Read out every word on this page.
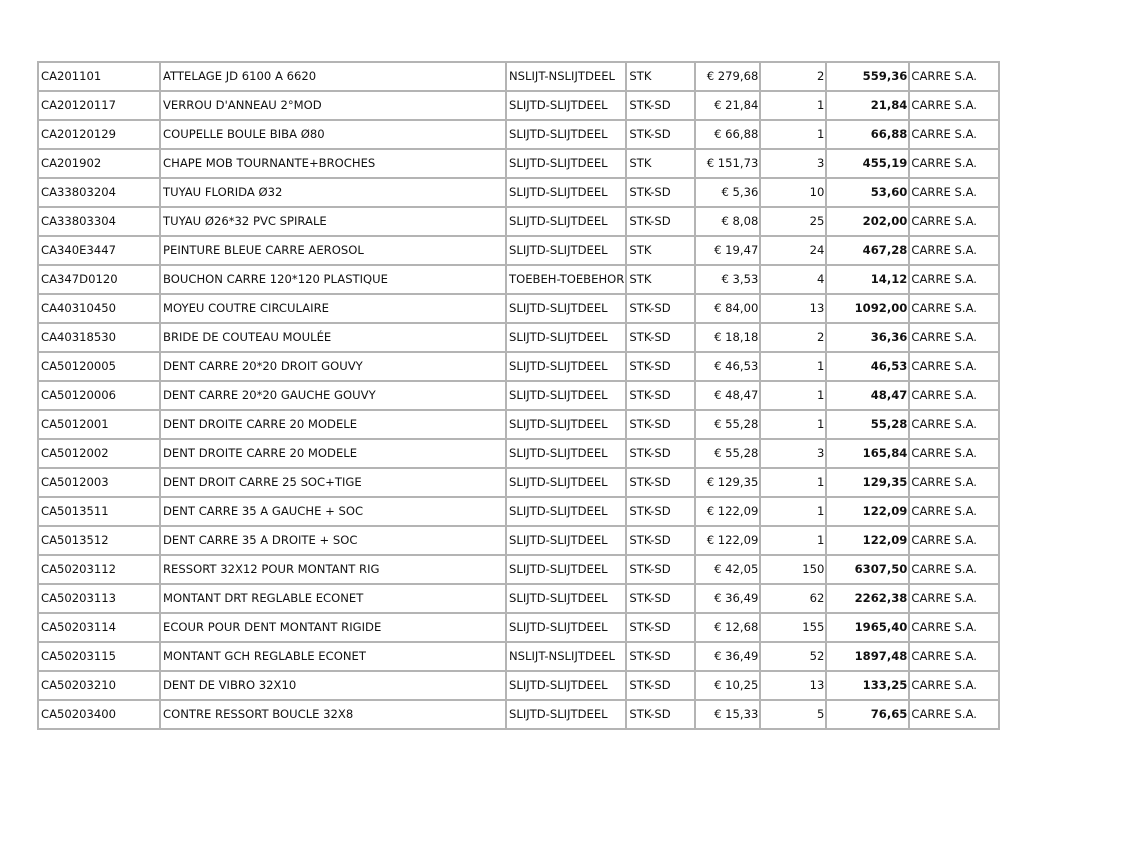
CA201101	ATTELAGE JD 6100 A 6620	NSLIJT-NSLIJTDEEL	STK	€ 279,68	2	559,36	CARRE S.A.
CA20120117	VERROU D'ANNEAU 2°MOD	SLIJTD-SLIJTDEEL	STK-SD	€ 21,84	1	21,84	CARRE S.A.
CA20120129	COUPELLE BOULE BIBA Ø80	SLIJTD-SLIJTDEEL	STK-SD	€ 66,88	1	66,88	CARRE S.A.
CA201902	CHAPE MOB TOURNANTE+BROCHES	SLIJTD-SLIJTDEEL	STK	€ 151,73	3	455,19	CARRE S.A.
CA33803204	TUYAU FLORIDA Ø32	SLIJTD-SLIJTDEEL	STK-SD	€ 5,36	10	53,60	CARRE S.A.
CA33803304	TUYAU Ø26*32 PVC SPIRALE	SLIJTD-SLIJTDEEL	STK-SD	€ 8,08	25	202,00	CARRE S.A.
CA340E3447	PEINTURE BLEUE CARRE AEROSOL	SLIJTD-SLIJTDEEL	STK	€ 19,47	24	467,28	CARRE S.A.
CA347D0120	BOUCHON CARRE 120*120 PLASTIQUE	TOEBEH-TOEBEHOR	STK	€ 3,53	4	14,12	CARRE S.A.
CA40310450	MOYEU COUTRE CIRCULAIRE	SLIJTD-SLIJTDEEL	STK-SD	€ 84,00	13	1092,00	CARRE S.A.
CA40318530	BRIDE DE COUTEAU MOULÉE	SLIJTD-SLIJTDEEL	STK-SD	€ 18,18	2	36,36	CARRE S.A.
CA50120005	DENT CARRE 20*20 DROIT GOUVY	SLIJTD-SLIJTDEEL	STK-SD	€ 46,53	1	46,53	CARRE S.A.
CA50120006	DENT CARRE 20*20 GAUCHE GOUVY	SLIJTD-SLIJTDEEL	STK-SD	€ 48,47	1	48,47	CARRE S.A.
CA5012001	DENT DROITE CARRE 20 MODELE	SLIJTD-SLIJTDEEL	STK-SD	€ 55,28	1	55,28	CARRE S.A.
CA5012002	DENT DROITE CARRE 20 MODELE	SLIJTD-SLIJTDEEL	STK-SD	€ 55,28	3	165,84	CARRE S.A.
CA5012003	DENT DROIT CARRE 25 SOC+TIGE	SLIJTD-SLIJTDEEL	STK-SD	€ 129,35	1	129,35	CARRE S.A.
CA5013511	DENT CARRE 35 A GAUCHE + SOC	SLIJTD-SLIJTDEEL	STK-SD	€ 122,09	1	122,09	CARRE S.A.
CA5013512	DENT CARRE 35 A DROITE + SOC	SLIJTD-SLIJTDEEL	STK-SD	€ 122,09	1	122,09	CARRE S.A.
CA50203112	RESSORT 32X12 POUR MONTANT RIG	SLIJTD-SLIJTDEEL	STK-SD	€ 42,05	150	6307,50	CARRE S.A.
CA50203113	MONTANT DRT REGLABLE ECONET	SLIJTD-SLIJTDEEL	STK-SD	€ 36,49	62	2262,38	CARRE S.A.
CA50203114	ECOUR POUR DENT MONTANT RIGIDE	SLIJTD-SLIJTDEEL	STK-SD	€ 12,68	155	1965,40	CARRE S.A.
CA50203115	MONTANT GCH REGLABLE ECONET	NSLIJT-NSLIJTDEEL	STK-SD	€ 36,49	52	1897,48	CARRE S.A.
CA50203210	DENT DE VIBRO 32X10	SLIJTD-SLIJTDEEL	STK-SD	€ 10,25	13	133,25	CARRE S.A.
CA50203400	CONTRE RESSORT BOUCLE 32X8	SLIJTD-SLIJTDEEL	STK-SD	€ 15,33	5	76,65	CARRE S.A.
